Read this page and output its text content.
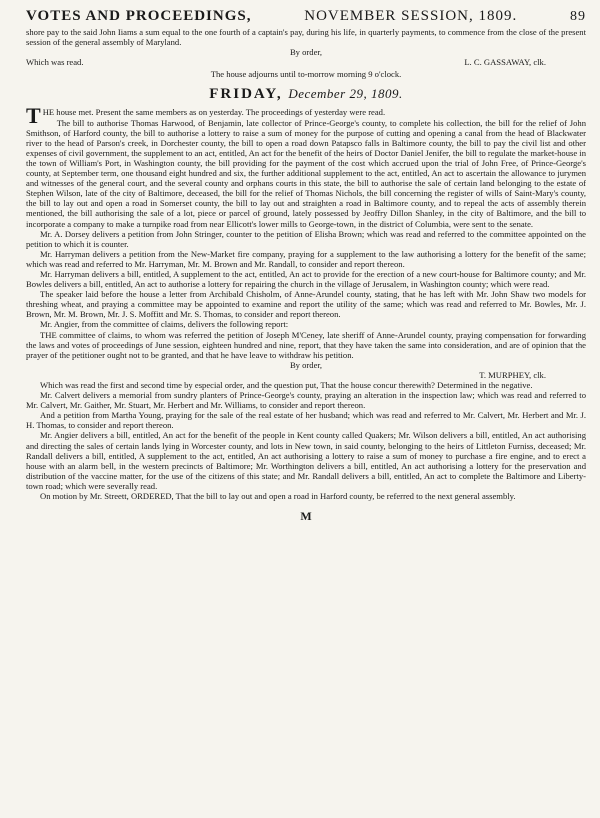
VOTES AND PROCEEDINGS,	NOVEMBER SESSION, 1809.	89

shore pay to the said John Iiams a sum equal to the one fourth of a captain's pay, during his life, in quarterly payments, to commence from the close of the present session of the general assembly of Maryland.

By order,
Which was read.	L. C. GASSAWAY, clk.

The house adjourns until to-morrow morning 9 o'clock.

FRIDAY, December 29, 1809.

THE house met. Present the same members as on yesterday. The proceedings of yesterday were read.

The bill to authorise Thomas Harwood, of Benjamin, late collector of Prince-George's county, to complete his collection, the bill for the relief of John Smithson, of Harford county, the bill to authorise a lottery to raise a sum of money for the purpose of cutting and opening a canal from the head of Blackwater river to the head of Parson's creek, in Dorchester county, the bill to open a road down Patapsco falls in Baltimore county, the bill to pay the civil list and other expenses of civil government, the supplement to an act, entitled, An act for the benefit of the heirs of Doctor Daniel Jenifer, the bill to regulate the market-house in the town of William's Port, in Washington county, the bill providing for the payment of the cost which accrued upon the trial of John Free, of Prince-George's county, at September term, one thousand eight hundred and six, the further additional supplement to the act, entitled, An act to ascertain the allowance to jurymen and witnesses of the general court, and the several county and orphans courts in this state, the bill to authorise the sale of certain land belonging to the estate of Stephen Wilson, late of the city of Baltimore, deceased, the bill for the relief of Thomas Nichols, the bill concerning the register of wills of Saint-Mary's county, the bill to lay out and open a road in Somerset county, the bill to lay out and straighten a road in Baltimore county, and to repeal the acts of assembly therein mentioned, the bill authorising the sale of a lot, piece or parcel of ground, lately possessed by Jeoffry Dillon Shanley, in the city of Baltimore, and the bill to incorporate a company to make a turnpike road from near Ellicott's lower mills to George-town, in the district of Columbia, were sent to the senate.

Mr. A. Dorsey delivers a petition from John Stringer, counter to the petition of Elisha Brown; which was read and referred to the committee appointed on the petition to which it is counter.

Mr. Harryman delivers a petition from the New-Market fire company, praying for a supplement to the law authorising a lottery for the benefit of the same; which was read and referred to Mr. Harryman, Mr. M. Brown and Mr. Randall, to consider and report thereon.

Mr. Harryman delivers a bill, entitled, A supplement to the act, entitled, An act to provide for the erection of a new court-house for Baltimore county; and Mr. Bowles delivers a bill, entitled, An act to authorise a lottery for repairing the church in the village of Jerusalem, in Washington county; which were read.

The speaker laid before the house a letter from Archibald Chisholm, of Anne-Arundel county, stating, that he has left with Mr. John Shaw two models for threshing wheat, and praying a committee may be appointed to examine and report the utility of the same; which was read and referred to Mr. Bowles, Mr. J. Brown, Mr. M. Brown, Mr. J. S. Moffitt and Mr. S. Thomas, to consider and report thereon.

Mr. Angier, from the committee of claims, delivers the following report:

THE committee of claims, to whom was referred the petition of Joseph M'Ceney, late sheriff of Anne-Arundel county, praying compensation for forwarding the laws and votes of proceedings of June session, eighteen hundred and nine, report, that they have taken the same into consideration, and are of opinion that the prayer of the petitioner ought not to be granted, and that he have leave to withdraw his petition.

By order,
T. MURPHEY, clk.

Which was read the first and second time by especial order, and the question put, That the house concur therewith? Determined in the negative.

Mr. Calvert delivers a memorial from sundry planters of Prince-George's county, praying an alteration in the inspection law; which was read and referred to Mr. Calvert, Mr. Gaither, Mr. Stuart, Mr. Herbert and Mr. Williams, to consider and report thereon.

And a petition from Martha Young, praying for the sale of the real estate of her husband; which was read and referred to Mr. Calvert, Mr. Herbert and Mr. J. H. Thomas, to consider and report thereon.

Mr. Angier delivers a bill, entitled, An act for the benefit of the people in Kent county called Quakers; Mr. Wilson delivers a bill, entitled, An act authorising and directing the sales of certain lands lying in Worcester county, and lots in New town, in said county, belonging to the heirs of Littleton Furniss, deceased; Mr. Randall delivers a bill, entitled, A supplement to the act, entitled, An act authorising a lottery to raise a sum of money to purchase a fire engine, and to erect a house with an alarm bell, in the western precincts of Baltimore; Mr. Worthington delivers a bill, entitled, An act authorising a lottery for the preservation and distribution of the vaccine matter, for the use of the citizens of this state; and Mr. Randall delivers a bill, entitled, An act to complete the Baltimore and Liberty-town road; which were severally read.

On motion by Mr. Streett, ORDERED, That the bill to lay out and open a road in Harford county, be referred to the next general assembly.

M
